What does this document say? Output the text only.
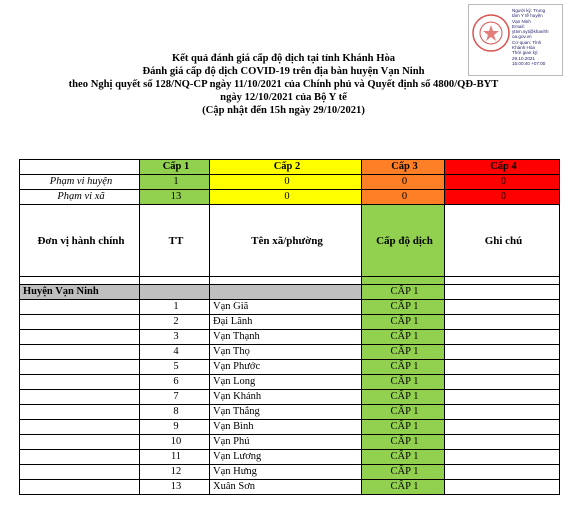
Người ký: Trung
tâm Y tế huyện
Vạn Ninh
Email:
yttvn.syt@khanhh
oa.gov.vn
Cơ quan: Tỉnh
Khánh Hòa
Thời gian ký:
29.10.2021
15:00:40 +07:00
Kết quả đánh giá cấp độ dịch tại tỉnh Khánh Hòa
Đánh giá cấp độ dịch COVID-19 trên địa bàn huyện Vạn Ninh
theo Nghị quyết số 128/NQ-CP ngày 11/10/2021 của Chính phủ và Quyết định số 4800/QĐ-BYT
ngày 12/10/2021 của Bộ Y tế
(Cập nhật đến 15h ngày 29/10/2021)
	Cấp 1	Cấp 2	Cấp 3	Cấp 4
Phạm vi huyện	1	0	0	0
Phạm vi xã	13	0	0	0
Đơn vị hành chính	TT	Tên xã/phường	Cấp độ dịch	Ghi chú

Huyện Vạn Ninh			CẤP 1	
	1	Vạn Giã	CẤP 1	
	2	Đại Lãnh	CẤP 1	
	3	Vạn Thạnh	CẤP 1	
	4	Vạn Thọ	CẤP 1	
	5	Vạn Phước	CẤP 1	
	6	Vạn Long	CẤP 1	
	7	Vạn Khánh	CẤP 1	
	8	Vạn Thắng	CẤP 1	
	9	Vạn Bình	CẤP 1	
	10	Vạn Phú	CẤP 1	
	11	Vạn Lương	CẤP 1	
	12	Vạn Hưng	CẤP 1	
	13	Xuân Sơn	CẤP 1	
